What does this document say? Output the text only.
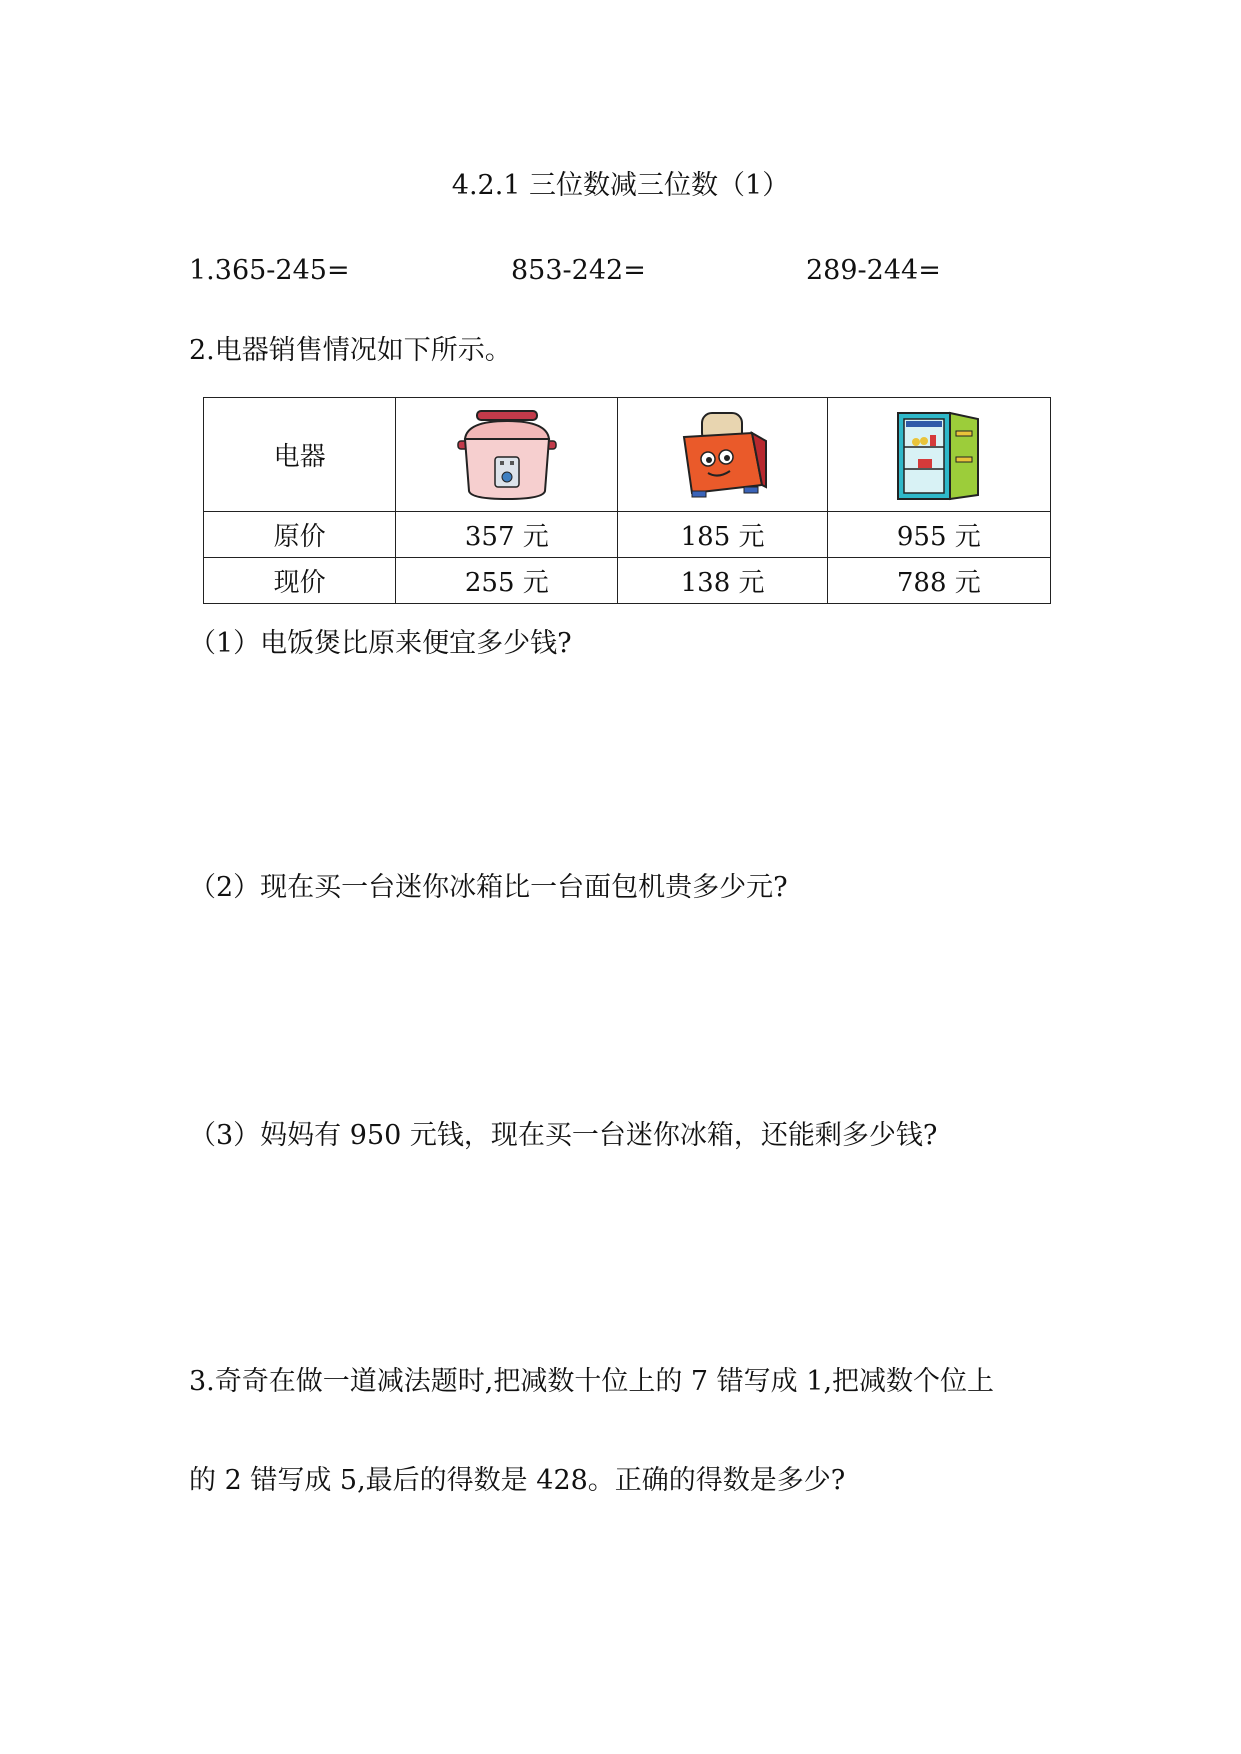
4.2.1 三位数减三位数（1）
1.365-245=	853-242=	289-244=
2.电器销售情况如下所示。
电器	

原价	357 元	185 元	955 元
现价	255 元	138 元	788 元
（1）电饭煲比原来便宜多少钱?
（2）现在买一台迷你冰箱比一台面包机贵多少元?
（3）妈妈有 950 元钱，现在买一台迷你冰箱，还能剩多少钱?
3.奇奇在做一道减法题时,把减数十位上的 7 错写成 1,把减数个位上
的 2 错写成 5,最后的得数是 428。正确的得数是多少?
